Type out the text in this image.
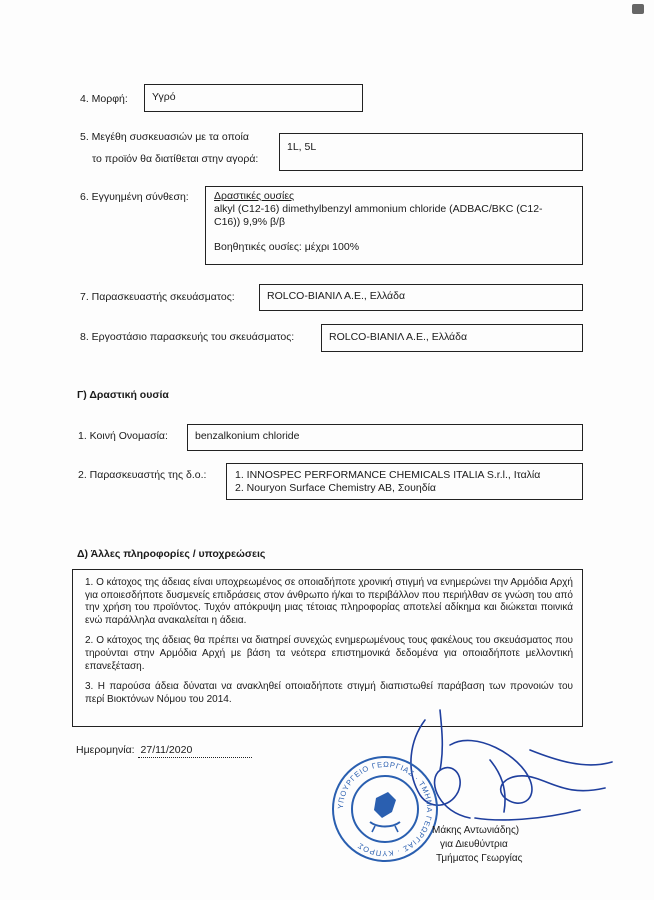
4. Μορφή:	Υγρό
5. Μεγέθη συσκευασιών με τα οποία
το προϊόν θα διατίθεται στην αγορά:
1L, 5L
6. Εγγυημένη σύνθεση: Δραστικές ουσίες
alkyl (C12-16) dimethylbenzyl ammonium chloride (ADBAC/BKC (C12-
C16)) 9,9% β/β
Βοηθητικές ουσίες: μέχρι 100%
7. Παρασκευαστής σκευάσματος:	ROLCO-ΒΙΑΝΙΛ Α.Ε., Ελλάδα
8. Εργοστάσιο παρασκευής του σκευάσματος:	ROLCO-ΒΙΑΝΙΛ Α.Ε., Ελλάδα
Γ) Δραστική ουσία
1. Κοινή Ονομασία:	benzalkonium chloride
2. Παρασκευαστής της δ.ο.:	1. INNOSPEC PERFORMANCE CHEMICALS ITALIA S.r.l., Ιταλία
2. Nouryon Surface Chemistry AB, Σουηδία
Δ) Άλλες πληροφορίες / υποχρεώσεις

1. Ο κάτοχος της άδειας είναι υποχρεωμένος σε οποιαδήποτε χρονική στιγμή να ενημερώνει την Αρμόδια Αρχή για οποιεσδήποτε δυσμενείς επιδράσεις στον άνθρωπο ή/και το περιβάλλον που περιήλθαν σε γνώση του από την χρήση του προϊόντος. Τυχόν απόκρυψη μιας τέτοιας πληροφορίας αποτελεί αδίκημα και διώκεται ποινικά ενώ παράλληλα ανακαλείται η άδεια.

2. Ο κάτοχος της άδειας θα πρέπει να διατηρεί συνεχώς ενημερωμένους τους φακέλους του σκευάσματος που τηρούνται στην Αρμόδια Αρχή με βάση τα νεότερα επιστημονικά δεδομένα για οποιαδήποτε μελλοντική επανεξέταση.

3. Η παρούσα άδεια δύναται να ανακληθεί οποιαδήποτε στιγμή διαπιστωθεί παράβαση των προνοιών του περί Βιοκτόνων Νόμου του 2014.

Ημερομηνία: 27/11/2020
ΥΠΟΥΡΓΕΙΟ ΓΕΩΡΓΙΑΣ · ΤΜΗΜΑ ΓΕΩΡΓΙΑΣ · ΚΥΠΡΟΣ
Μάκης Αντωνιάδης)
για Διευθύντρια
Τμήματος Γεωργίας
